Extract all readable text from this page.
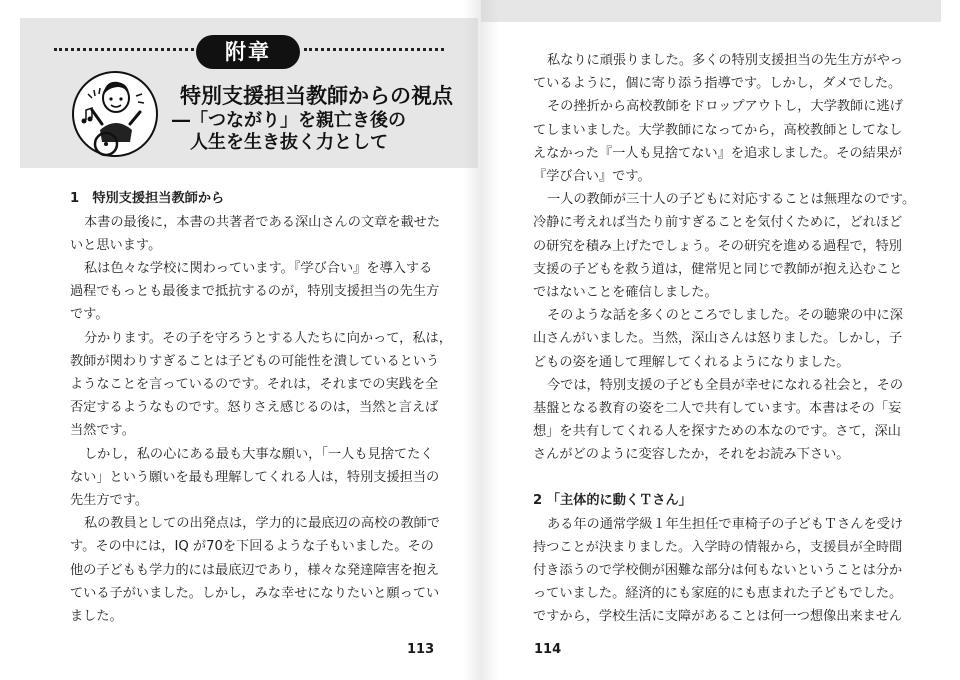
附章
特別支援担当教師からの視点
―「つながり」を親亡き後の
人生を生き抜く力として
1　特別支援担当教師から
本書の最後に，本書の共著者である深山さんの文章を載せた
いと思います。
私は色々な学校に関わっています。『学び合い』を導入する
過程でもっとも最後まで抵抗するのが，特別支援担当の先生方
です。
分かります。その子を守ろうとする人たちに向かって，私は，
教師が関わりすぎることは子どもの可能性を潰しているという
ようなことを言っているのです。それは，それまでの実践を全
否定するようなものです。怒りさえ感じるのは，当然と言えば
当然です。
しかし，私の心にある最も大事な願い，「一人も見捨てたく
ない」という願いを最も理解してくれる人は，特別支援担当の
先生方です。
私の教員としての出発点は，学力的に最底辺の高校の教師で
す。その中には，IQ が70を下回るような子もいました。その
他の子どもも学力的には最底辺であり，様々な発達障害を抱え
ている子がいました。しかし，みな幸せになりたいと願ってい
ました。
113
私なりに頑張りました。多くの特別支援担当の先生方がやっ
ているように，個に寄り添う指導です。しかし，ダメでした。
その挫折から高校教師をドロップアウトし，大学教師に逃げ
てしまいました。大学教師になってから，高校教師としてなし
えなかった『一人も見捨てない』を追求しました。その結果が
『学び合い』です。
一人の教師が三十人の子どもに対応することは無理なのです。
冷静に考えれば当たり前すぎることを気付くために，どれほど
の研究を積み上げたでしょう。その研究を進める過程で，特別
支援の子どもを救う道は，健常児と同じで教師が抱え込むこと
ではないことを確信しました。
そのような話を多くのところでしました。その聴衆の中に深
山さんがいました。当然，深山さんは怒りました。しかし，子
どもの姿を通して理解してくれるようになりました。
今では，特別支援の子ども全員が幸せになれる社会と，その
基盤となる教育の姿を二人で共有しています。本書はその「妄
想」を共有してくれる人を探すための本なのです。さて，深山
さんがどのように変容したか，それをお読み下さい。
2 「主体的に動くＴさん」
ある年の通常学級１年生担任で車椅子の子どもＴさんを受け
持つことが決まりました。入学時の情報から，支援員が全時間
付き添うので学校側が困難な部分は何もないということは分か
っていました。経済的にも家庭的にも恵まれた子どもでした。
ですから，学校生活に支障があることは何一つ想像出来ません
114
